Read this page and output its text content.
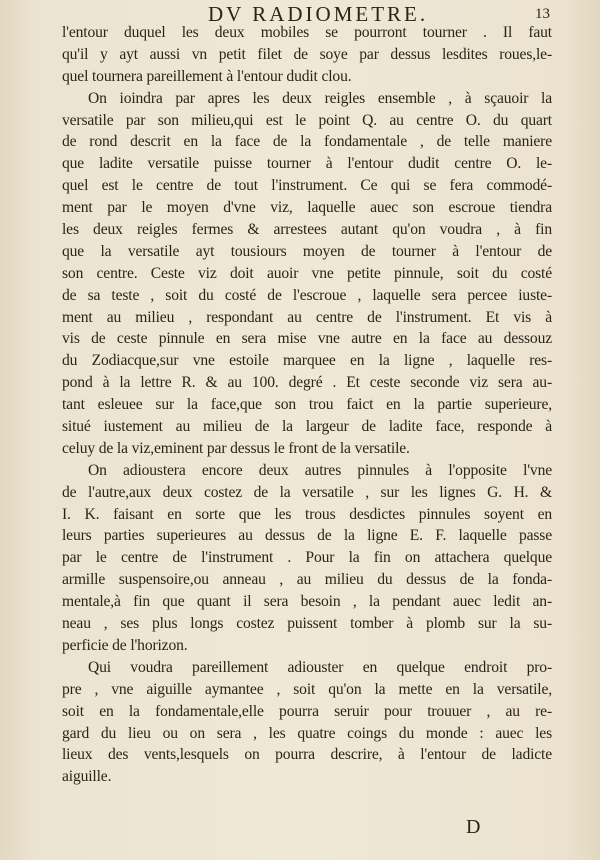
DV RADIOMETRE.	13
l'entour duquel les deux mobiles se pourront tourner . Il faut
qu'il y ayt aussi vn petit filet de soye par dessus lesdites roues,le-
quel tournera pareillement à l'entour dudit clou.
On ioindra par apres les deux reigles ensemble , à sçauoir la
versatile par son milieu,qui est le point Q. au centre O. du quart
de rond descrit en la face de la fondamentale , de telle maniere
que ladite versatile puisse tourner à l'entour dudit centre O. le-
quel est le centre de tout l'instrument. Ce qui se fera commodé-
ment par le moyen d'vne viz, laquelle auec son escroue tiendra
les deux reigles fermes & arrestees autant qu'on voudra , à fin
que la versatile ayt tousiours moyen de tourner à l'entour de
son centre. Ceste viz doit auoir vne petite pinnule, soit du costé
de sa teste , soit du costé de l'escroue , laquelle sera percee iuste-
ment au milieu , respondant au centre de l'instrument. Et vis à
vis de ceste pinnule en sera mise vne autre en la face au dessouz
du Zodiacque,sur vne estoile marquee en la ligne , laquelle res-
pond à la lettre R. & au 100. degré . Et ceste seconde viz sera au-
tant esleuee sur la face,que son trou faict en la partie superieure,
situé iustement au milieu de la largeur de ladite face, responde à
celuy de la viz,eminent par dessus le front de la versatile.
On adioustera encore deux autres pinnules à l'opposite l'vne
de l'autre,aux deux costez de la versatile , sur les lignes G. H. &
I. K. faisant en sorte que les trous desdictes pinnules soyent en
leurs parties superieures au dessus de la ligne E. F. laquelle passe
par le centre de l'instrument . Pour la fin on attachera quelque
armille suspensoire,ou anneau , au milieu du dessus de la fonda-
mentale,à fin que quant il sera besoin , la pendant auec ledit an-
neau , ses plus longs costez puissent tomber à plomb sur la su-
perficie de l'horizon.
Qui voudra pareillement adiouster en quelque endroit pro-
pre , vne aiguille aymantee , soit qu'on la mette en la versatile,
soit en la fondamentale,elle pourra seruir pour trouuer , au re-
gard du lieu ou on sera , les quatre coings du monde : auec les
lieux des vents,lesquels on pourra descrire, à l'entour de ladicte
aiguille.
D
